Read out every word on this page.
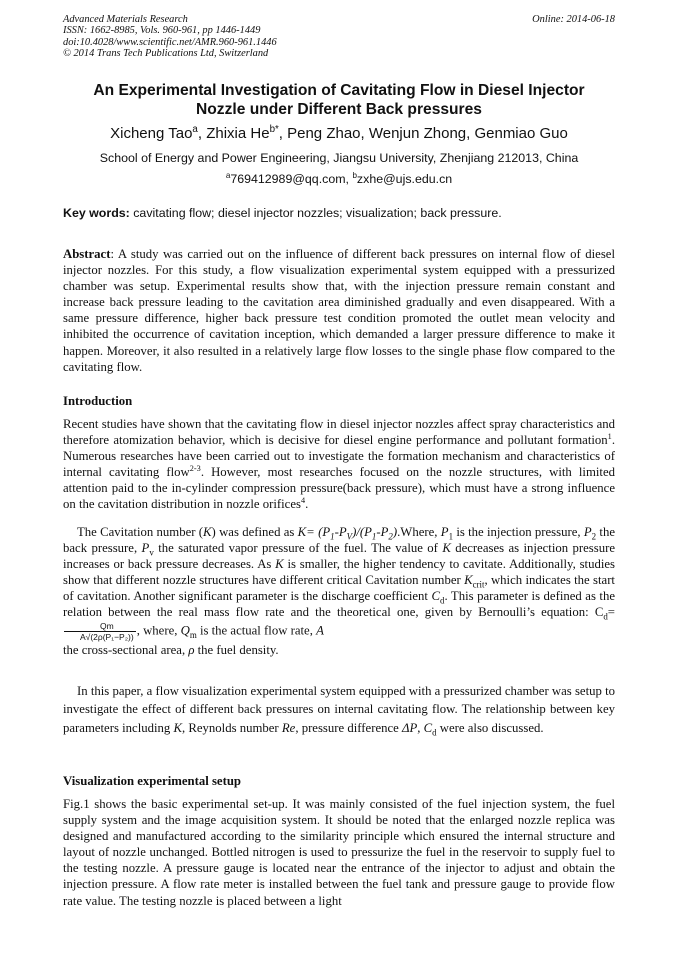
Advanced Materials Research
ISSN: 1662-8985, Vols. 960-961, pp 1446-1449
doi:10.4028/www.scientific.net/AMR.960-961.1446
© 2014 Trans Tech Publications Ltd, Switzerland
Online: 2014-06-18
An Experimental Investigation of Cavitating Flow in Diesel Injector
Nozzle under Different Back pressures
Xicheng Tao$^a$, Zhixia $He^{b*}$, Peng Zhao, Wenjun Zhong, Genmiao Guo
School of Energy and Power Engineering, Jiangsu University, Zhenjiang 212013, China
$^a$769412989@qq.com, $^b$zxhe@ujs.edu.cn
Key words: cavitating flow; diesel injector nozzles; visualization; back pressure.
Abstract: A study was carried out on the influence of different back pressures on internal flow of diesel injector nozzles. For this study, a flow visualization experimental system equipped with a pressurized chamber was setup. Experimental results show that, with the injection pressure remain constant and increase back pressure leading to the cavitation area diminished gradually and even disappeared. With a same pressure difference, higher back pressure test condition promoted the outlet mean velocity and inhibited the occurrence of cavitation inception, which demanded a larger pressure difference to make it happen. Moreover, it also resulted in a relatively large flow losses to the single phase flow compared to the cavitating flow.
Introduction
Recent studies have shown that the cavitating flow in diesel injector nozzles affect spray characteristics and therefore atomization behavior, which is decisive for diesel engine performance and pollutant formation$^1$. Numerous researches have been carried out to investigate the formation mechanism and characteristics of internal cavitating flow$^{2-3}$. However, most researches focused on the nozzle structures, with limited attention paid to the in-cylinder compression pressure(back pressure), which must have a strong influence on the cavitation distribution in nozzle orifices$^4$.
The Cavitation number (K) was defined as $K= (P_1-P_V)/(P_1-P_2).Where$, $P_1$ is the injection pressure, $P_2$ the back pressure, $P_v$ the saturated vapor pressure of the fuel. The value of K decreases as injection pressure increases or back pressure decreases. As K is smaller, the higher tendency to cavitate. Additionally, studies show that different nozzle structures have different critical Cavitation number $K_{crit}$, which indicates the start of cavitation. Another significant parameter is the discharge coefficient $C_d$. This parameter is defined as the relation between the real mass flow rate and the theoretical one, given by Bernoulli’s equation: $C_d=$
$\frac{Qm}{\text{A√(2ρ(P₁−P₂))}}$ , where, $Q_m$ is the actual flow rate, A
the cross-sectional area, ρ the fuel density.
In this paper, a flow visualization experimental system equipped with a pressurized chamber was setup to investigate the effect of different back pressures on internal cavitating flow. The relationship between key parameters including K, Reynolds number Re, pressure difference ΔP, $C_d$ were also discussed.
Visualization experimental setup
Fig.1 shows the basic experimental set-up. It was mainly consisted of the fuel injection system, the fuel supply system and the image acquisition system. It should be noted that the enlarged nozzle replica was designed and manufactured according to the similarity principle which ensured the internal structure and layout of nozzle unchanged. Bottled nitrogen is used to pressurize the fuel in the reservoir to supply fuel to the testing nozzle. A pressure gauge is located near the entrance of the injector to adjust and obtain the injection pressure. A flow rate meter is installed between the fuel tank and pressure gauge to provide flow rate value. The testing nozzle is placed between a light
